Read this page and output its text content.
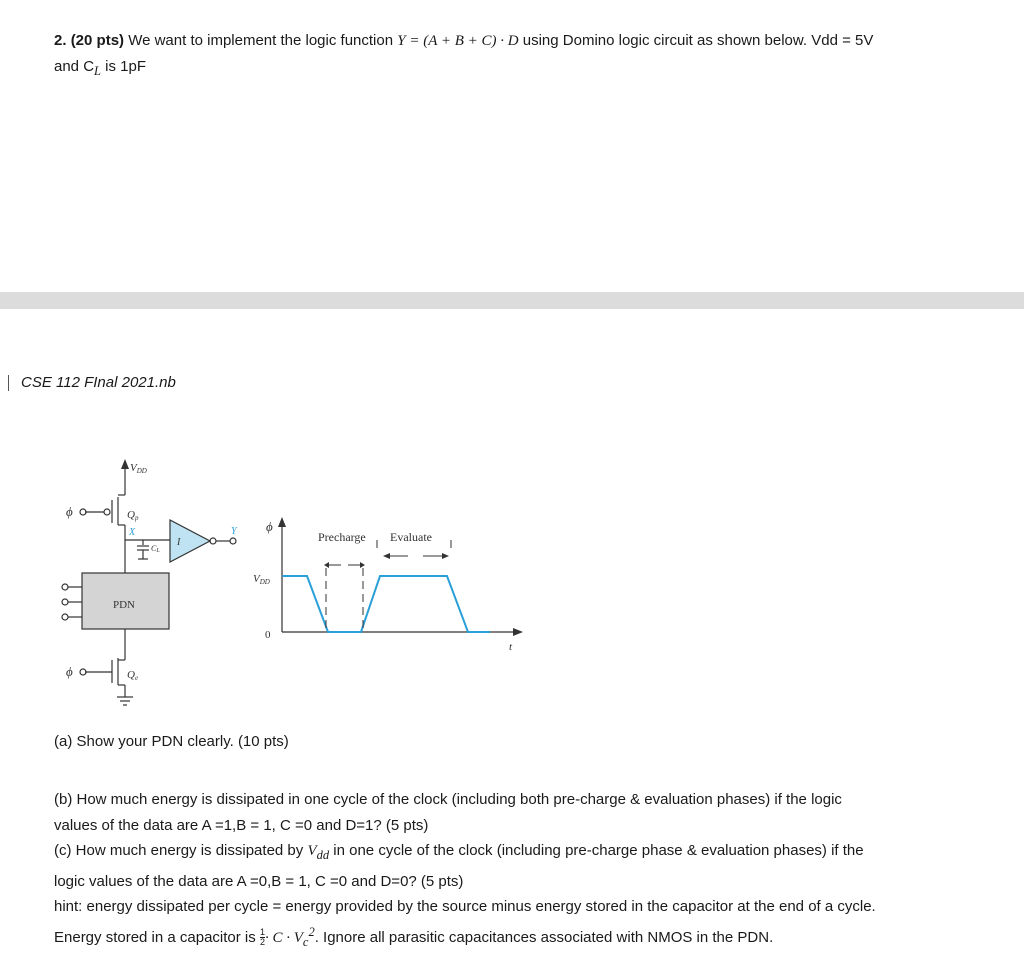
2. (20 pts) We want to implement the logic function Y = (A + B + C) · D using Domino logic circuit as shown below. Vdd = 5V
and $C_L$ is 1pF
CSE 112 FInal 2021.nb
VDD
ϕ	Qp
X
CL
I
Y
PDN
ϕ	Qe
ϕ
Precharge Evaluate
VDD
0
t
(a) Show your PDN clearly. (10 pts)
(b) How much energy is dissipated in one cycle of the clock (including both pre-charge & evaluation phases) if the logic
values of the data are A =1,B = 1, C =0 and D=1? (5 pts)
(c) How much energy is dissipated by $V_{dd}$ in one cycle of the clock (including pre-charge phase & evaluation phases) if the
logic values of the data are A =0,B = 1, C =0 and D=0? (5 pts)
hint: energy dissipated per cycle = energy provided by the source minus energy stored in the capacitor at the end of a cycle.
Energy stored in a capacitor is $\frac{1}{2} \cdot C \cdot V_c^2$. Ignore all parasitic capacitances associated with NMOS in the PDN.
